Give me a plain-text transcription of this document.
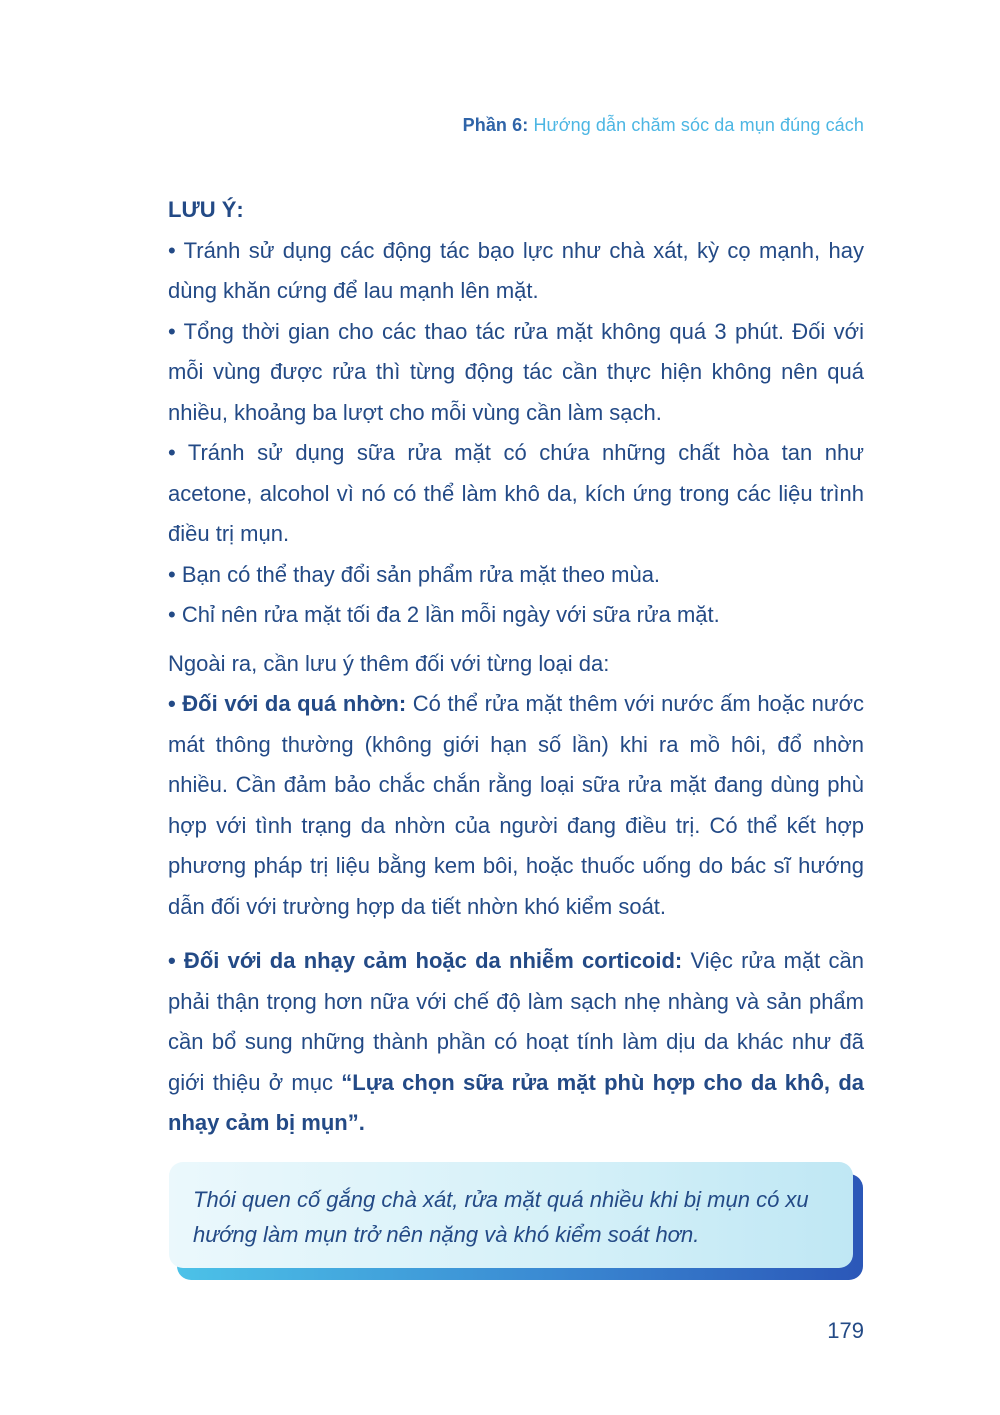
Phần 6: Hướng dẫn chăm sóc da mụn đúng cách

LƯU Ý:

• Tránh sử dụng các động tác bạo lực như chà xát, kỳ cọ mạnh, hay dùng khăn cứng để lau mạnh lên mặt.

• Tổng thời gian cho các thao tác rửa mặt không quá 3 phút. Đối với mỗi vùng được rửa thì từng động tác cần thực hiện không nên quá nhiều, khoảng ba lượt cho mỗi vùng cần làm sạch.

• Tránh sử dụng sữa rửa mặt có chứa những chất hòa tan như acetone, alcohol vì nó có thể làm khô da, kích ứng trong các liệu trình điều trị mụn.

• Bạn có thể thay đổi sản phẩm rửa mặt theo mùa.

• Chỉ nên rửa mặt tối đa 2 lần mỗi ngày với sữa rửa mặt.

Ngoài ra, cần lưu ý thêm đối với từng loại da:

• Đối với da quá nhờn: Có thể rửa mặt thêm với nước ấm hoặc nước mát thông thường (không giới hạn số lần) khi ra mồ hôi, đổ nhờn nhiều. Cần đảm bảo chắc chắn rằng loại sữa rửa mặt đang dùng phù hợp với tình trạng da nhờn của người đang điều trị. Có thể kết hợp phương pháp trị liệu bằng kem bôi, hoặc thuốc uống do bác sĩ hướng dẫn đối với trường hợp da tiết nhờn khó kiểm soát.

• Đối với da nhạy cảm hoặc da nhiễm corticoid: Việc rửa mặt cần phải thận trọng hơn nữa với chế độ làm sạch nhẹ nhàng và sản phẩm cần bổ sung những thành phần có hoạt tính làm dịu da khác như đã giới thiệu ở mục “Lựa chọn sữa rửa mặt phù hợp cho da khô, da nhạy cảm bị mụn”.

Thói quen cố gắng chà xát, rửa mặt quá nhiều khi bị mụn có xu hướng làm mụn trở nên nặng và khó kiểm soát hơn.

179
